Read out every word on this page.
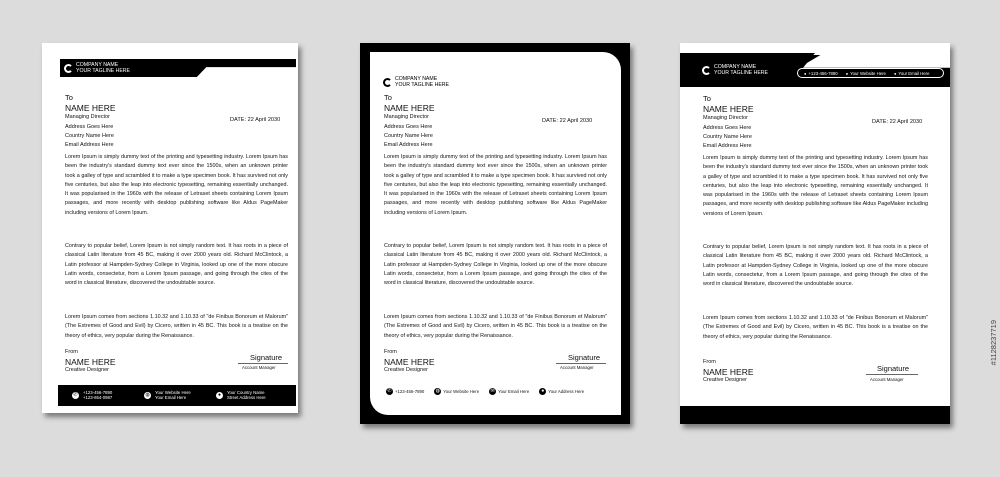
COMPANY NAME
YOUR TAGLINE HERE
To
NAME HERE
Managing Director	DATE: 22 April 2030
Address Goes Here
Country Name Here
Email Address Here
Lorem Ipsum is simply dummy text of the printing and typesetting industry. Lorem Ipsum has been the industry's standard dummy text ever since the 1500s, when an unknown printer took a galley of type and scrambled it to make a type specimen book. It has survived not only five centuries, but also the leap into electronic typesetting, remaining essentially unchanged. It was popularised in the 1960s with the release of Letraset sheets containing Lorem Ipsum passages, and more recently with desktop publishing software like Aldus PageMaker including versions of Lorem Ipsum.
Contrary to popular belief, Lorem Ipsum is not simply random text. It has roots in a piece of classical Latin literature from 45 BC, making it over 2000 years old. Richard McClintock, a Latin professor at Hampden-Sydney College in Virginia, looked up one of the more obscure Latin words, consectetur, from a Lorem Ipsum passage, and going through the cites of the word in classical literature, discovered the undoubtable source.
Lorem Ipsum comes from sections 1.10.32 and 1.10.33 of "de Finibus Bonorum et Malorum" (The Extremes of Good and Evil) by Cicero, written in 45 BC. This book is a treatise on the theory of ethics, very popular during the Renaissance.
From
NAME HERE
Creative Designer
Signature
Account Manager
✆	+123-456-7890
+123-654-0987	◍	Your Website Here
Your Email Here	●	Your Country Name
Street Address Here
COMPANY NAME
YOUR TAGLINE HERE
To
NAME HERE
Managing Director
DATE: 22 April 2030
Address Goes Here
Country Name Here
Email Address Here
Lorem Ipsum is simply dummy text of the printing and typesetting industry. Lorem Ipsum has been the industry's standard dummy text ever since the 1500s, when an unknown printer took a galley of type and scrambled it to make a type specimen book. It has survived not only five centuries, but also the leap into electronic typesetting, remaining essentially unchanged. It was popularised in the 1960s with the release of Letraset sheets containing Lorem Ipsum passages, and more recently with desktop publishing software like Aldus PageMaker including versions of Lorem Ipsum.
Contrary to popular belief, Lorem Ipsum is not simply random text. It has roots in a piece of classical Latin literature from 45 BC, making it over 2000 years old. Richard McClintock, a Latin professor at Hampden-Sydney College in Virginia, looked up one of the more obscure Latin words, consectetur, from a Lorem Ipsum passage, and going through the cites of the word in classical literature, discovered the undoubtable source.
Lorem Ipsum comes from sections 1.10.32 and 1.10.33 of "de Finibus Bonorum et Malorum" (The Extremes of Good and Evil) by Cicero, written in 45 BC. This book is a treatise on the theory of ethics, very popular during the Renaissance.
From
NAME HERE
Creative Designer
Signature
Account Manager
✆ +123-456-7890 ◍ Your Website Here ✉ Your Email Here	● Your Address Here
COMPANY NAME
YOUR TAGLINE HERE	● +123-456-7890 ● Your Website Here ● Your Email Here
To
NAME HERE
Managing Director
DATE: 22 April 2030
Address Goes Here
Country Name Here
Email Address Here
Lorem Ipsum is simply dummy text of the printing and typesetting industry. Lorem Ipsum has been the industry's standard dummy text ever since the 1500s, when an unknown printer took a galley of type and scrambled it to make a type specimen book. It has survived not only five centuries, but also the leap into electronic typesetting, remaining essentially unchanged. It was popularised in the 1960s with the release of Letraset sheets containing Lorem Ipsum passages, and more recently with desktop publishing software like Aldus PageMaker including versions of Lorem Ipsum.
Contrary to popular belief, Lorem Ipsum is not simply random text. It has roots in a piece of classical Latin literature from 45 BC, making it over 2000 years old. Richard McClintock, a Latin professor at Hampden-Sydney College in Virginia, looked up one of the more obscure Latin words, consectetur, from a Lorem Ipsum passage, and going through the cites of the word in classical literature, discovered the undoubtable source.
Lorem Ipsum comes from sections 1.10.32 and 1.10.33 of "de Finibus Bonorum et Malorum" (The Extremes of Good and Evil) by Cicero, written in 45 BC. This book is a treatise on the theory of ethics, very popular during the Renaissance.
From
NAME HERE
Creative Designer
Signature
Account Manager
#1128237719
